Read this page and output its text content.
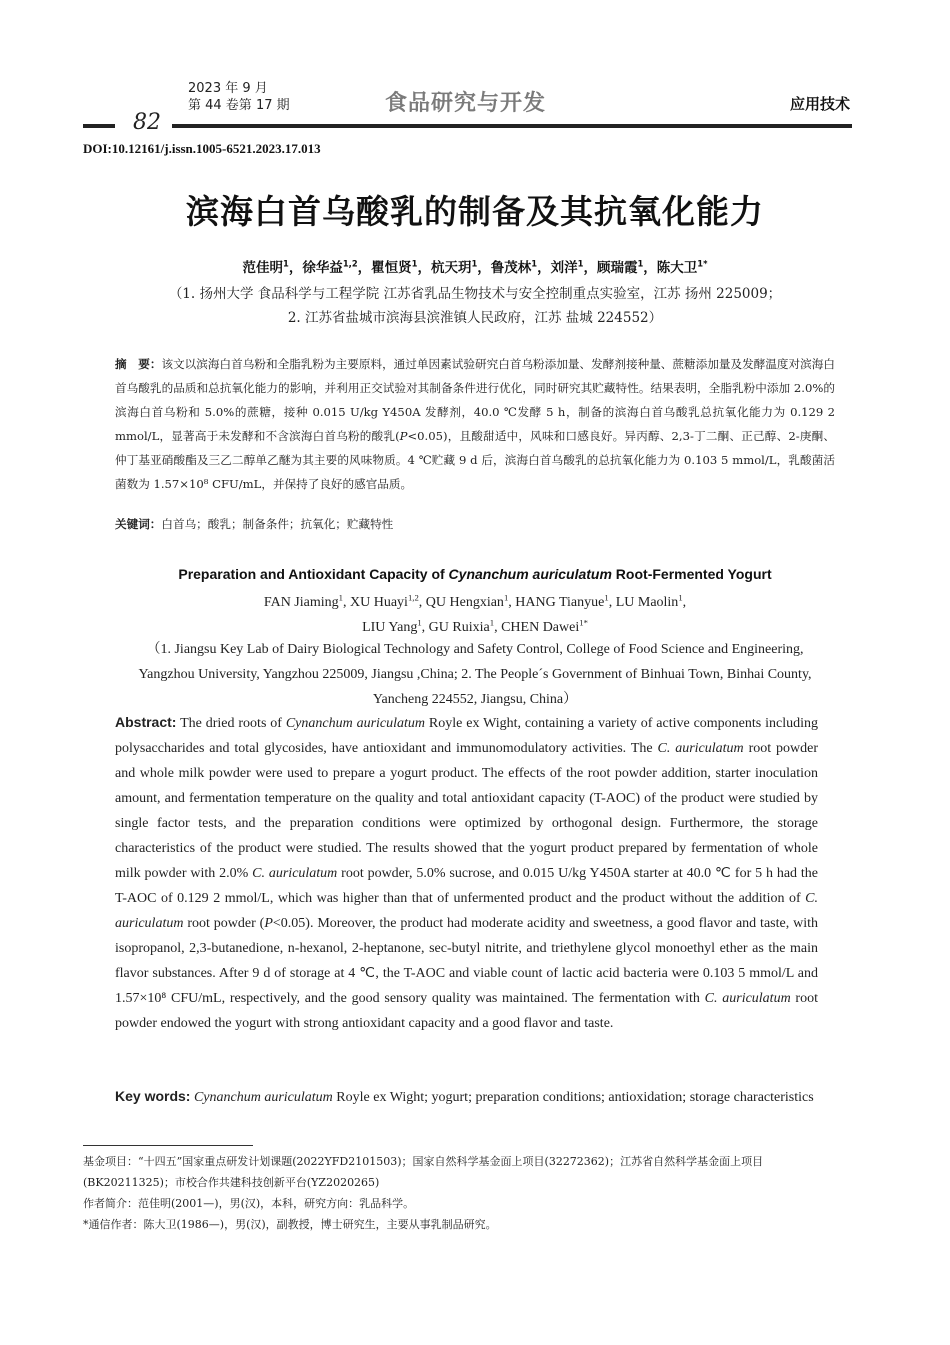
2023 年 9 月
第 44 卷第 17 期	食品研究与开发	应用技术
82
DOI:10.12161/j.issn.1005-6521.2023.17.013
滨海白首乌酸乳的制备及其抗氧化能力
范佳明$^1$，徐华益$^{1,2}$，瞿恒贤$^1$，杭天玥$^1$，鲁茂林$^1$，刘洋$^1$，顾瑞霞$^1$，陈大卫$^{1*}$
（1. 扬州大学 食品科学与工程学院 江苏省乳品生物技术与安全控制重点实验室，江苏 扬州 225009；
2. 江苏省盐城市滨海县滨淮镇人民政府，江苏 盐城 224552）
摘　要：该文以滨海白首乌粉和全脂乳粉为主要原料，通过单因素试验研究白首乌粉添加量、发酵剂接种量、蔗糖添加量及发酵温度对滨海白首乌酸乳的品质和总抗氧化能力的影响，并利用正交试验对其制备条件进行优化，同时研究其贮藏特性。结果表明，全脂乳粉中添加 2.0%的滨海白首乌粉和 5.0%的蔗糖，接种 0.015 U/kg Y450A 发酵剂，40.0 ℃发酵 5 h，制备的滨海白首乌酸乳总抗氧化能力为 0.129 2 mmol/L，显著高于未发酵和不含滨海白首乌粉的酸乳(P<0.05)，且酸甜适中，风味和口感良好。异丙醇、2,3-丁二酮、正己醇、2-庚酮、仲丁基亚硝酸酯及三乙二醇单乙醚为其主要的风味物质。4 ℃贮藏 9 d 后，滨海白首乌酸乳的总抗氧化能力为 0.103 5 mmol/L，乳酸菌活菌数为 1.57×10⁸ CFU/mL，并保持了良好的感官品质。
关键词：白首乌；酸乳；制备条件；抗氧化；贮藏特性
Preparation and Antioxidant Capacity of Cynanchum auriculatum Root-Fermented Yogurt
FAN Jiaming$^1$, XU Huayi$^{1,2}$, QU Hengxian$^1$, HANG Tianyue$^1$, LU Maolin$^1$,
LIU Yang$^1$, GU Ruixia$^1$, CHEN Dawei$^{1*}$
（1. Jiangsu Key Lab of Dairy Biological Technology and Safety Control, College of Food Science and Engineering, Yangzhou University, Yangzhou 225009, Jiangsu ,China; 2. The People´s Government of Binhuai Town, Binhai County, Yancheng 224552, Jiangsu, China）
Abstract: The dried roots of Cynanchum auriculatum Royle ex Wight, containing a variety of active components including polysaccharides and total glycosides, have antioxidant and immunomodulatory activities. The C. auriculatum root powder and whole milk powder were used to prepare a yogurt product. The effects of the root powder addition, starter inoculation amount, and fermentation temperature on the quality and total antioxidant capacity (T-AOC) of the product were studied by single factor tests, and the preparation conditions were optimized by orthogonal design. Furthermore, the storage characteristics of the product were studied. The results showed that the yogurt product prepared by fermentation of whole milk powder with 2.0% C. auriculatum root powder, 5.0% sucrose, and 0.015 U/kg Y450A starter at 40.0 ℃ for 5 h had the T-AOC of 0.129 2 mmol/L, which was higher than that of unfermented product and the product without the addition of C. auriculatum root powder (P<0.05). Moreover, the product had moderate acidity and sweetness, a good flavor and taste, with isopropanol, 2,3-butanedione, n-hexanol, 2-heptanone, sec-butyl nitrite, and triethylene glycol monoethyl ether as the main flavor substances. After 9 d of storage at 4 ℃, the T-AOC and viable count of lactic acid bacteria were 0.103 5 mmol/L and 1.57×10⁸ CFU/mL, respectively, and the good sensory quality was maintained. The fermentation with C. auriculatum root powder endowed the yogurt with strong antioxidant capacity and a good flavor and taste.
Key words: Cynanchum auriculatum Royle ex Wight; yogurt; preparation conditions; antioxidation; storage characteristics

基金项目：“十四五”国家重点研发计划课题(2022YFD2101503)；国家自然科学基金面上项目(32272362)；江苏省自然科学基金面上项目(BK20211325)；市校合作共建科技创新平台(YZ2020265)

作者简介：范佳明(2001—)，男(汉)，本科，研究方向：乳品科学。

*通信作者：陈大卫(1986—)，男(汉)，副教授，博士研究生，主要从事乳制品研究。
